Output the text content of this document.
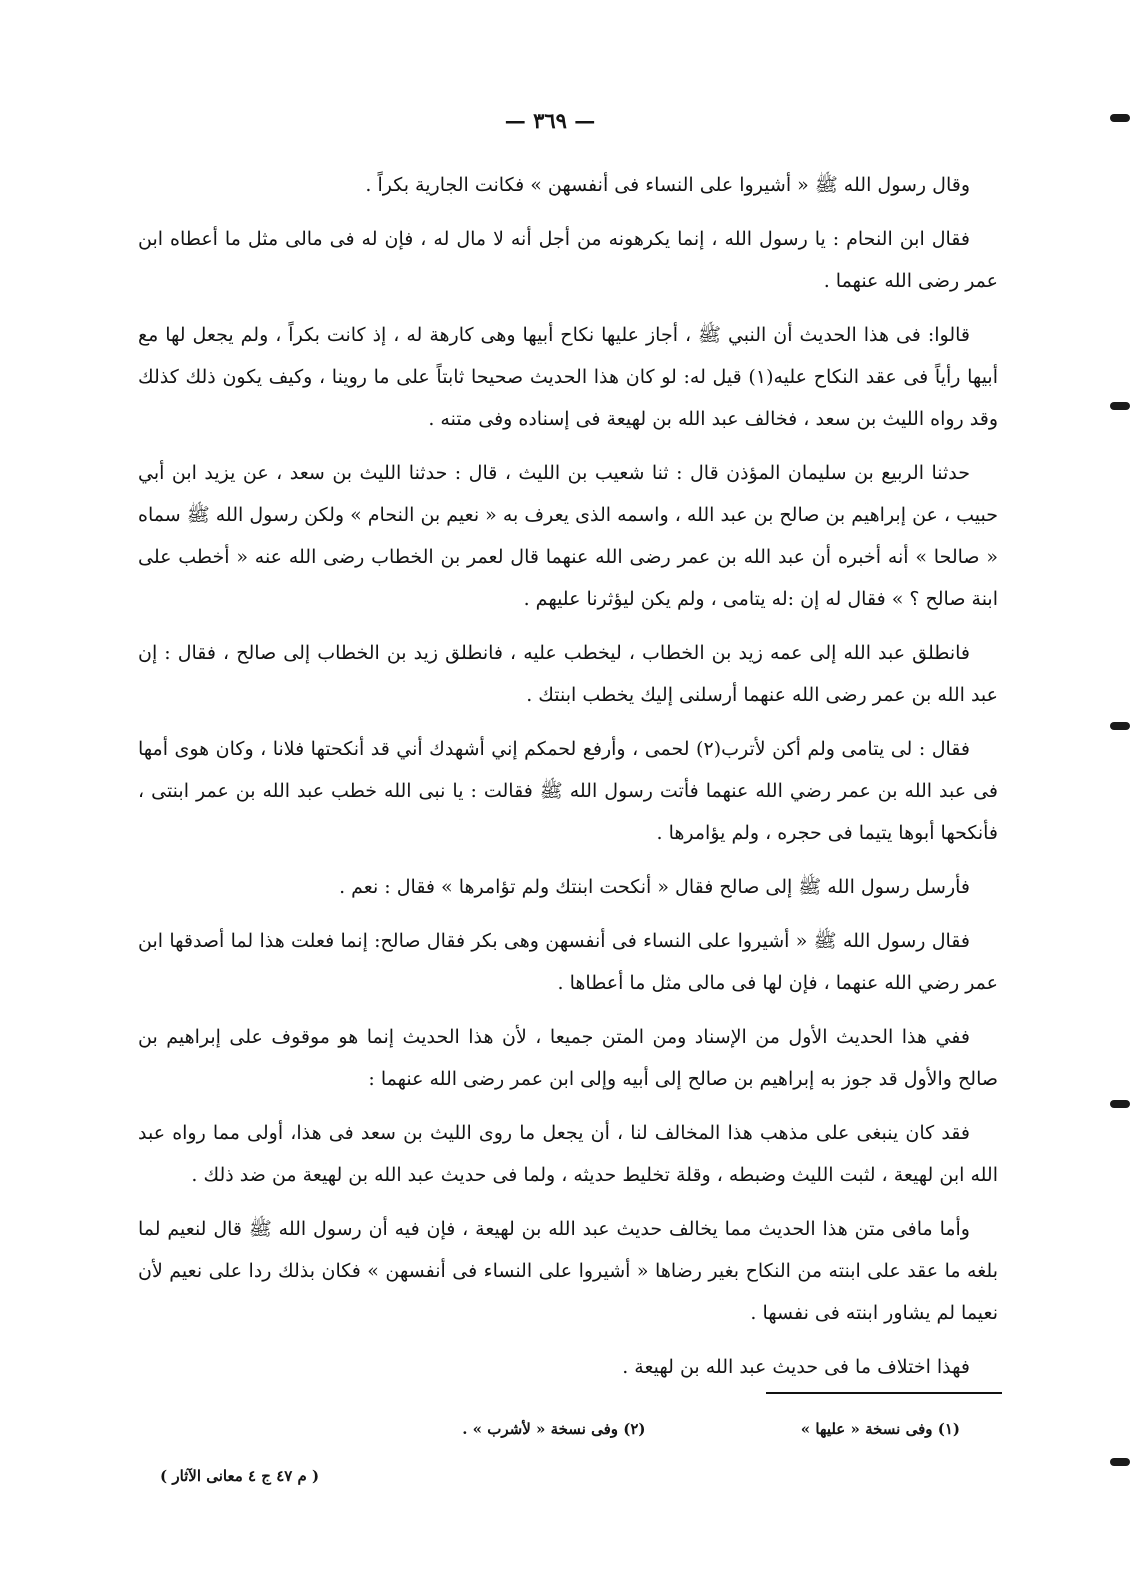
— ٣٦٩ —

وقال رسول الله ﷺ « أشيروا على النساء فى أنفسهن » فكانت الجارية بكراً .

فقال ابن النحام : يا رسول الله ، إنما يكرهونه من أجل أنه لا مال له ، فإن له فى مالى مثل ما أعطاه ابن عمر رضى الله عنهما .

قالوا: فى هذا الحديث أن النبي ﷺ ، أجاز عليها نكاح أبيها وهى كارهة له ، إذ كانت بكراً ، ولم يجعل لها مع أبيها رأياً فى عقد النكاح عليه(١) قيل له: لو كان هذا الحديث صحيحا ثابتاً على ما روينا ، وكيف يكون ذلك كذلك وقد رواه الليث بن سعد ، فخالف عبد الله بن لهيعة فى إسناده وفى متنه .

حدثنا الربيع بن سليمان المؤذن قال : ثنا شعيب بن الليث ، قال : حدثنا الليث بن سعد ، عن يزيد ابن أبي حبيب ، عن إبراهيم بن صالح بن عبد الله ، واسمه الذى يعرف به « نعيم بن النحام » ولكن رسول الله ﷺ سماه « صالحا » أنه أخبره أن عبد الله بن عمر رضى الله عنهما قال لعمر بن الخطاب رضى الله عنه « أخطب على ابنة صالح ؟ » فقال له إن :له يتامى ، ولم يكن ليؤثرنا عليهم .

فانطلق عبد الله إلى عمه زيد بن الخطاب ، ليخطب عليه ، فانطلق زيد بن الخطاب إلى صالح ، فقال : إن عبد الله بن عمر رضى الله عنهما أرسلنى إليك يخطب ابنتك .

فقال : لى يتامى ولم أكن لأترب(٢) لحمى ، وأرفع لحمكم إني أشهدك أني قد أنكحتها فلانا ، وكان هوى أمها فى عبد الله بن عمر رضي الله عنهما فأتت رسول الله ﷺ فقالت : يا نبى الله خطب عبد الله بن عمر ابنتى ، فأنكحها أبوها يتيما فى حجره ، ولم يؤامرها .

فأرسل رسول الله ﷺ إلى صالح فقال « أنكحت ابنتك ولم تؤامرها » فقال : نعم .

فقال رسول الله ﷺ « أشيروا على النساء فى أنفسهن وهى بكر فقال صالح: إنما فعلت هذا لما أصدقها ابن عمر رضي الله عنهما ، فإن لها فى مالى مثل ما أعطاها .

ففي هذا الحديث الأول من الإسناد ومن المتن جميعا ، لأن هذا الحديث إنما هو موقوف على إبراهيم بن صالح والأول قد جوز به إبراهيم بن صالح إلى أبيه وإلى ابن عمر رضى الله عنهما :

فقد كان ينبغى على مذهب هذا المخالف لنا ، أن يجعل ما روى الليث بن سعد فى هذا، أولى مما رواه عبد الله ابن لهيعة ، لثبت الليث وضبطه ، وقلة تخليط حديثه ، ولما فى حديث عبد الله بن لهيعة من ضد ذلك .

وأما مافى متن هذا الحديث مما يخالف حديث عبد الله بن لهيعة ، فإن فيه أن رسول الله ﷺ قال لنعيم لما بلغه ما عقد على ابنته من النكاح بغير رضاها « أشيروا على النساء فى أنفسهن » فكان بذلك ردا على نعيم لأن نعيما لم يشاور ابنته فى نفسها .

فهذا اختلاف ما فى حديث عبد الله بن لهيعة .

(١) وفى نسخة « عليها » (٢) وفى نسخة « لأشرب » .
( م ٤٧ ج ٤ معانى الآثار )
